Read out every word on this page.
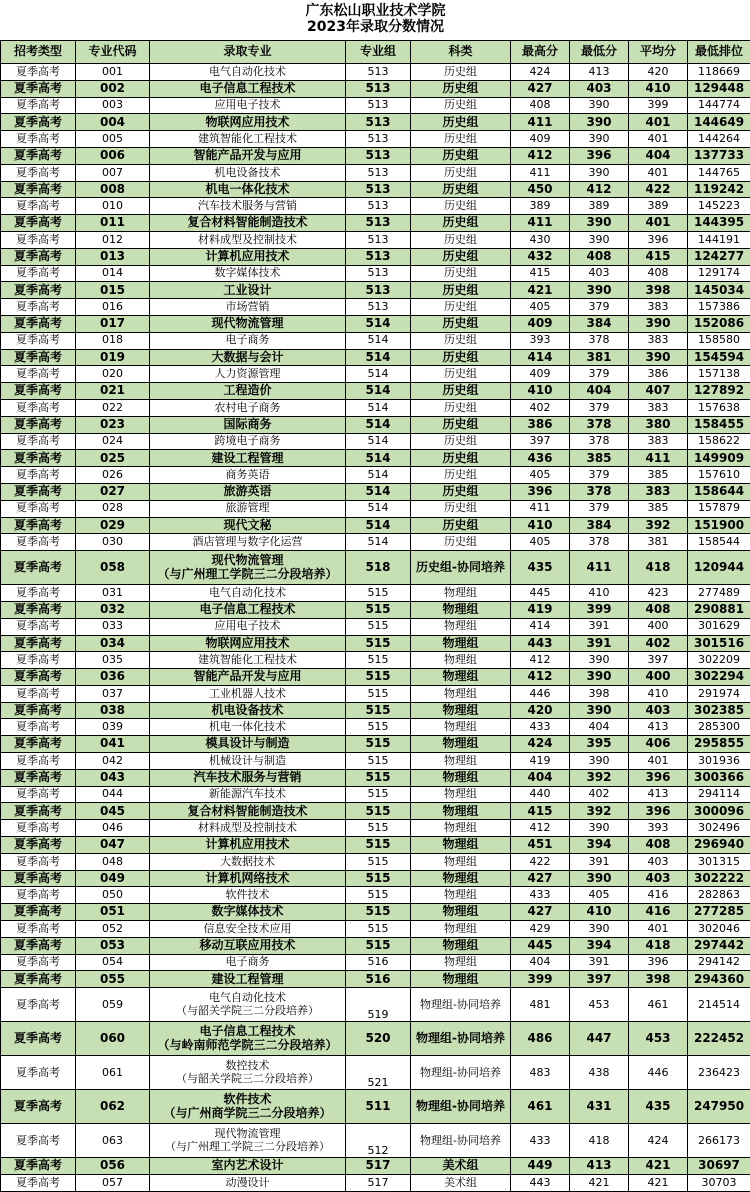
广东松山职业技术学院
2023年录取分数情况								

招考类型	专业代码	录取专业	专业组	科类	最高分	最低分	平均分	最低排位
夏季高考	001	电气自动化技术	513	历史组	424	413	420	118669
夏季高考	002	电子信息工程技术	513	历史组	427	403	410	129448
夏季高考	003	应用电子技术	513	历史组	408	390	399	144774
夏季高考	004	物联网应用技术	513	历史组	411	390	401	144649
夏季高考	005	建筑智能化工程技术	513	历史组	409	390	401	144264
夏季高考	006	智能产品开发与应用	513	历史组	412	396	404	137733
夏季高考	007	机电设备技术	513	历史组	411	390	401	144765
夏季高考	008	机电一体化技术	513	历史组	450	412	422	119242
夏季高考	010	汽车技术服务与营销	513	历史组	389	389	389	145223
夏季高考	011	复合材料智能制造技术	513	历史组	411	390	401	144395
夏季高考	012	材料成型及控制技术	513	历史组	430	390	396	144191
夏季高考	013	计算机应用技术	513	历史组	432	408	415	124277
夏季高考	014	数字媒体技术	513	历史组	415	403	408	129174
夏季高考	015	工业设计	513	历史组	421	390	398	145034
夏季高考	016	市场营销	513	历史组	405	379	383	157386
夏季高考	017	现代物流管理	514	历史组	409	384	390	152086
夏季高考	018	电子商务	514	历史组	393	378	383	158580
夏季高考	019	大数据与会计	514	历史组	414	381	390	154594
夏季高考	020	人力资源管理	514	历史组	409	379	386	157138
夏季高考	021	工程造价	514	历史组	410	404	407	127892
夏季高考	022	农村电子商务	514	历史组	402	379	383	157638
夏季高考	023	国际商务	514	历史组	386	378	380	158455
夏季高考	024	跨境电子商务	514	历史组	397	378	383	158622
夏季高考	025	建设工程管理	514	历史组	436	385	411	149909
夏季高考	026	商务英语	514	历史组	405	379	385	157610
夏季高考	027	旅游英语	514	历史组	396	378	383	158644
夏季高考	028	旅游管理	514	历史组	411	379	385	157879
夏季高考	029	现代文秘	514	历史组	410	384	392	151900
夏季高考	030	酒店管理与数字化运营	514	历史组	405	378	381	158544
夏季高考	058	现代物流管理
（与广州理工学院三二分段培养）	518	历史组-协同培养	435	411	418	120944
夏季高考	031	电气自动化技术	515	物理组	445	410	423	277489
夏季高考	032	电子信息工程技术	515	物理组	419	399	408	290881
夏季高考	033	应用电子技术	515	物理组	414	391	400	301629
夏季高考	034	物联网应用技术	515	物理组	443	391	402	301516
夏季高考	035	建筑智能化工程技术	515	物理组	412	390	397	302209
夏季高考	036	智能产品开发与应用	515	物理组	412	390	400	302294
夏季高考	037	工业机器人技术	515	物理组	446	398	410	291974
夏季高考	038	机电设备技术	515	物理组	420	390	403	302385
夏季高考	039	机电一体化技术	515	物理组	433	404	413	285300
夏季高考	041	模具设计与制造	515	物理组	424	395	406	295855
夏季高考	042	机械设计与制造	515	物理组	419	390	401	301936
夏季高考	043	汽车技术服务与营销	515	物理组	404	392	396	300366
夏季高考	044	新能源汽车技术	515	物理组	440	402	413	294114
夏季高考	045	复合材料智能制造技术	515	物理组	415	392	396	300096
夏季高考	046	材料成型及控制技术	515	物理组	412	390	393	302496
夏季高考	047	计算机应用技术	515	物理组	451	394	408	296940
夏季高考	048	大数据技术	515	物理组	422	391	403	301315
夏季高考	049	计算机网络技术	515	物理组	427	390	403	302222
夏季高考	050	软件技术	515	物理组	433	405	416	282863
夏季高考	051	数字媒体技术	515	物理组	427	410	416	277285
夏季高考	052	信息安全技术应用	515	物理组	429	390	401	302046
夏季高考	053	移动互联应用技术	515	物理组	445	394	418	297442
夏季高考	054	电子商务	516	物理组	404	391	396	294142
夏季高考	055	建设工程管理	516	物理组	399	397	398	294360
夏季高考	059	电气自动化技术
（与韶关学院三二分段培养）	519	物理组-协同培养	481	453	461	214514
夏季高考	060	电子信息工程技术
（与岭南师范学院三二分段培养）	520	物理组-协同培养	486	447	453	222452
夏季高考	061	数控技术
（与韶关学院三二分段培养）	521	物理组-协同培养	483	438	446	236423
夏季高考	062	软件技术
（与广州商学院三二分段培养）	511	物理组-协同培养	461	431	435	247950
夏季高考	063	现代物流管理
（与广州理工学院三二分段培养）	512	物理组-协同培养	433	418	424	266173
夏季高考	056	室内艺术设计	517	美术组	449	413	421	30697
夏季高考	057	动漫设计	517	美术组	443	421	421	30703
